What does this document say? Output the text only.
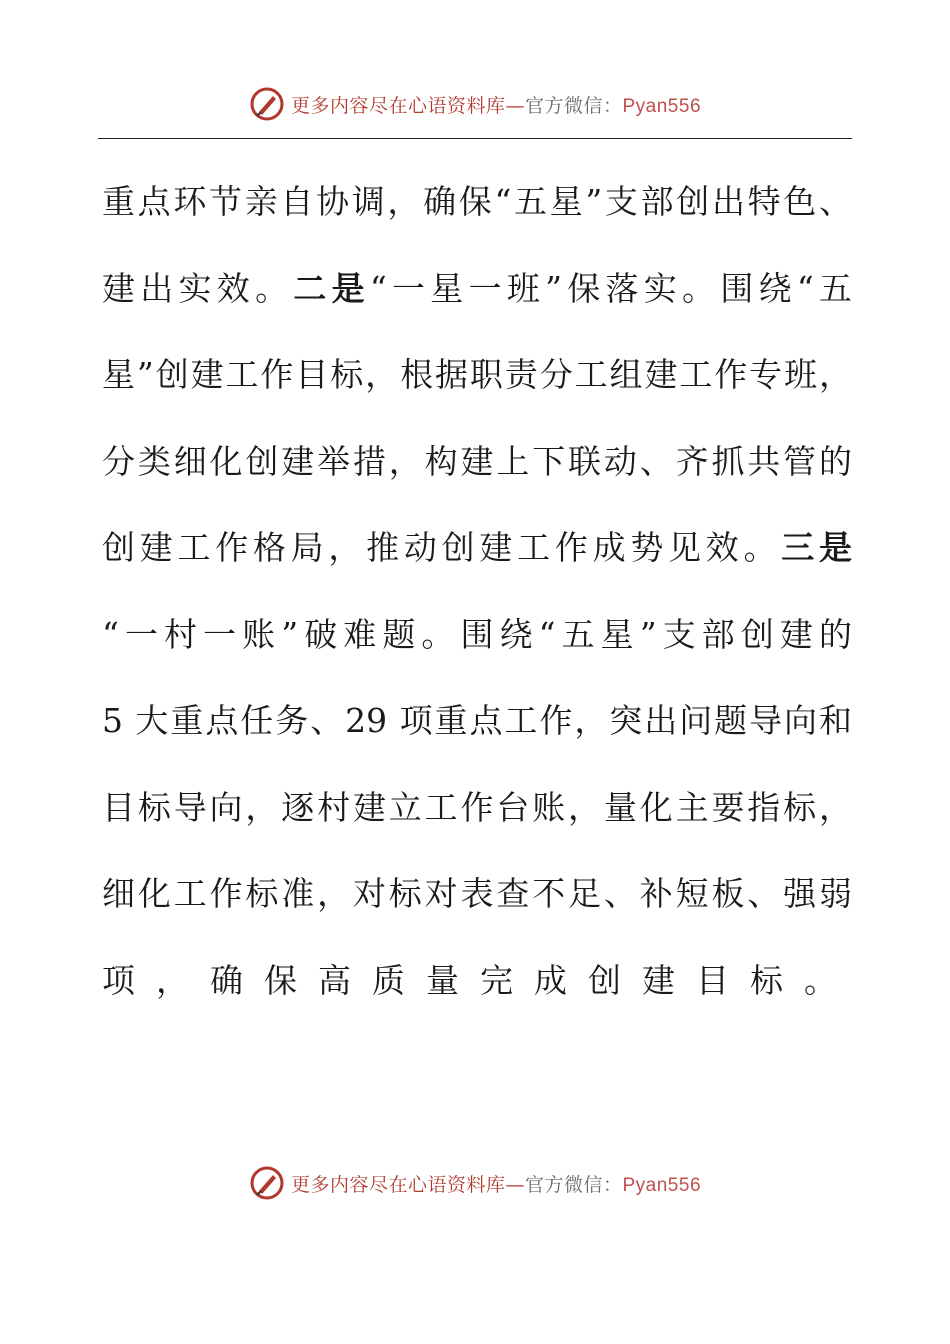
更多内容尽在心语资料库—官方微信：Pyan556
重点环节亲自协调，确保“五星”支部创出特色、
建出实效。二是“一星一班”保落实。围绕“五
星”创建工作目标，根据职责分工组建工作专班，
分类细化创建举措，构建上下联动、齐抓共管的
创建工作格局，推动创建工作成势见效。三是
“一村一账”破难题。围绕“五星”支部创建的
5 大重点任务、29 项重点工作，突出问题导向和
目标导向，逐村建立工作台账，量化主要指标，
细化工作标准，对标对表查不足、补短板、强弱
项，确保高质量完成创建目标。
更多内容尽在心语资料库—官方微信：Pyan556
